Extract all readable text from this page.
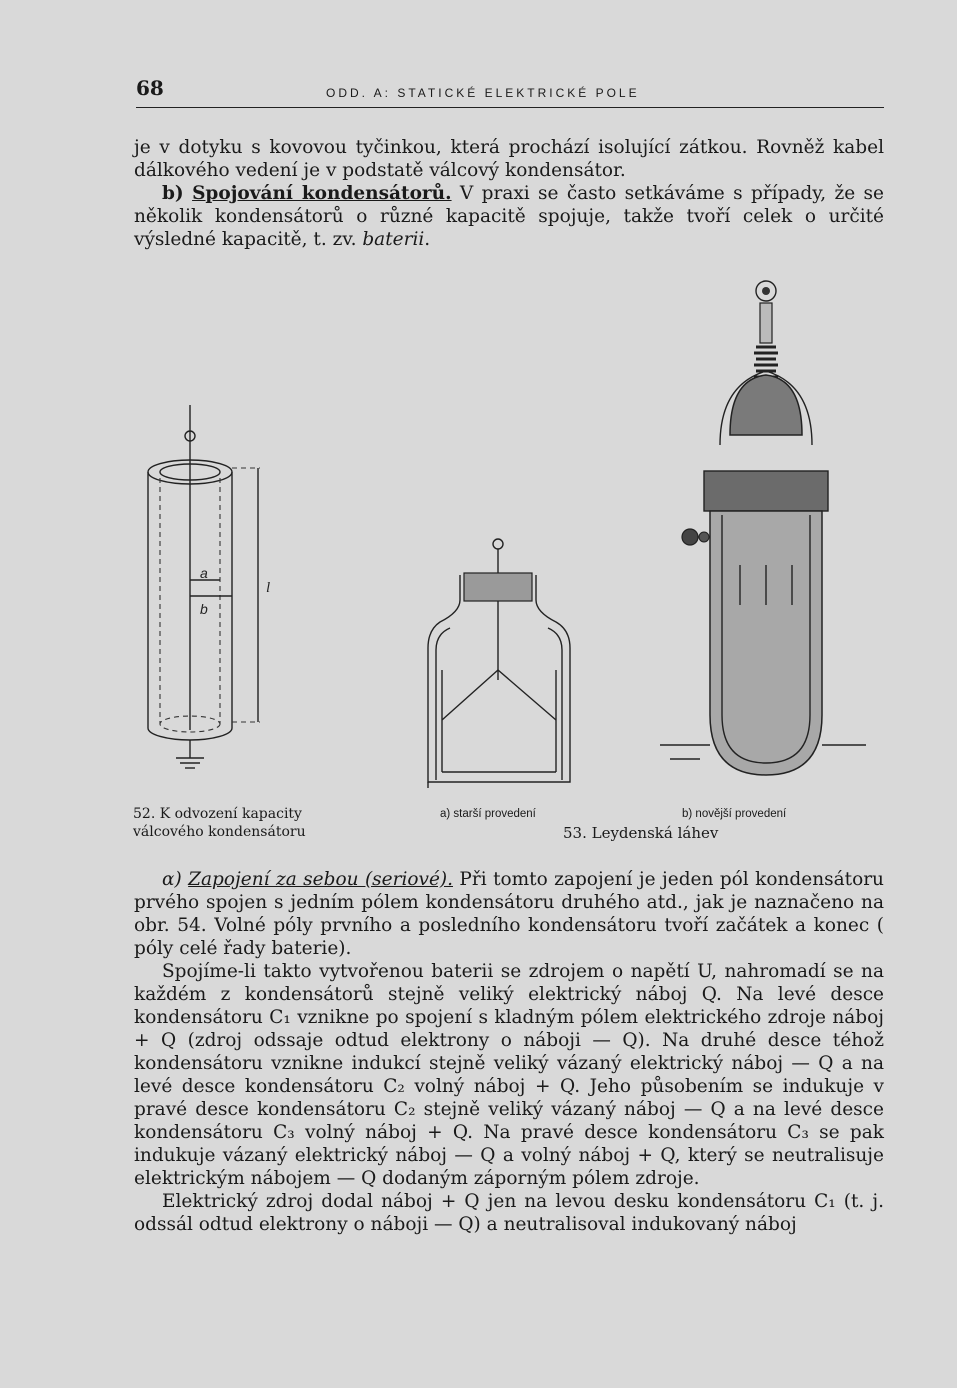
68	ODD. A: STATICKÉ ELEKTRICKÉ POLE

je v dotyku s kovovou tyčinkou, která prochází isolující zátkou. Rovněž kabel dálkového vedení je v podstatě válcový kondensátor.

b) Spojování kondensátorů. V praxi se často setkáváme s případy, že se několik kondensátorů o různé kapacitě spojuje, takže tvoří celek o určité výsledné kapacitě, t. zv. baterii.

a
b
l
52. K odvození kapacity
válcového kondensátoru
a) starší provedení	b) novější provedení
53. Leydenská láhev

α) Zapojení za sebou (seriové). Při tomto zapojení je jeden pól kondensátoru prvého spojen s jedním pólem kondensátoru druhého atd., jak je naznačeno na obr. 54. Volné póly prvního a posledního kondensátoru tvoří začátek a konec ( póly celé řady baterie).

Spojíme-li takto vytvořenou baterii se zdrojem o napětí U, nahromadí se na každém z kondensátorů stejně veliký elektrický náboj Q. Na levé desce kondensátoru C₁ vznikne po spojení s kladným pólem elektrického zdroje náboj + Q (zdroj odssaje odtud elektrony o náboji — Q). Na druhé desce téhož kondensátoru vznikne indukcí stejně veliký vázaný elektrický náboj — Q a na levé desce kondensátoru C₂ volný náboj + Q. Jeho působením se indukuje v pravé desce kondensátoru C₂ stejně veliký vázaný náboj — Q a na levé desce kondensátoru C₃ volný náboj + Q. Na pravé desce kondensátoru C₃ se pak indukuje vázaný elektrický náboj — Q a volný náboj + Q, který se neutralisuje elektrickým nábojem — Q dodaným záporným pólem zdroje.

Elektrický zdroj dodal náboj + Q jen na levou desku kondensátoru C₁ (t. j. odssál odtud elektrony o náboji — Q) a neutralisoval indukovaný náboj
